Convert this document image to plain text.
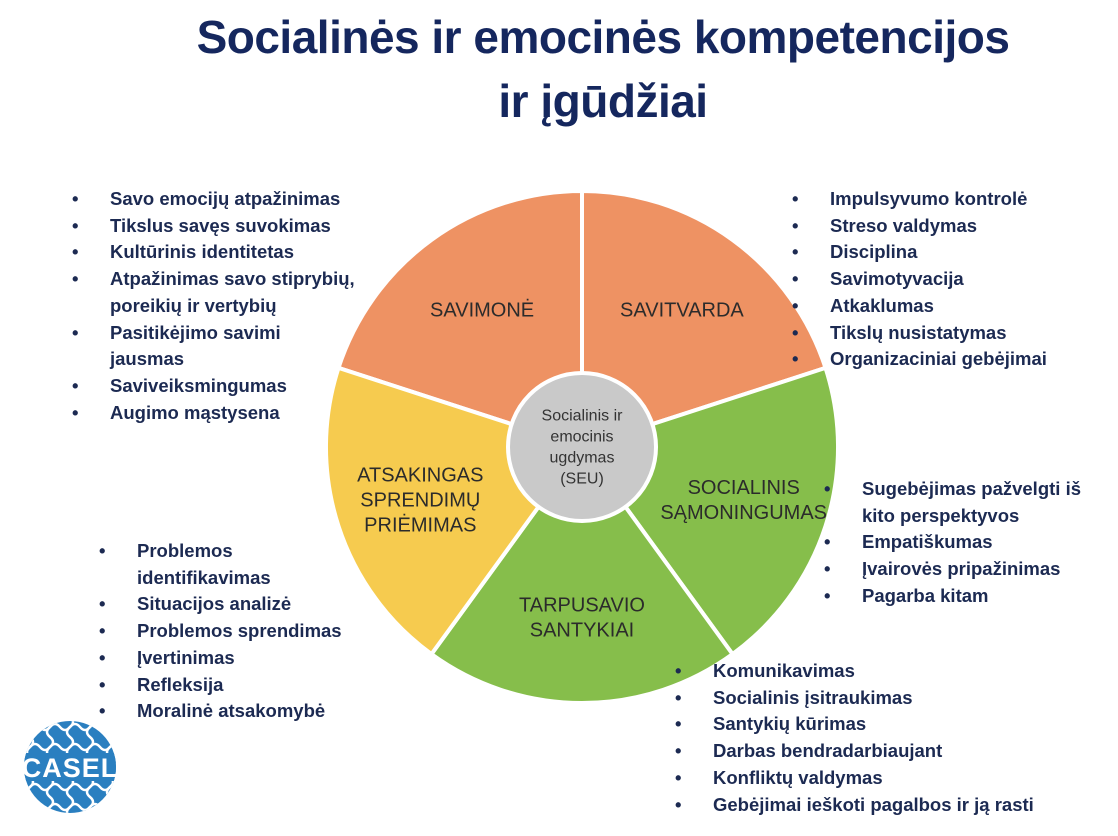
Socialinės ir emocinės kompetencijos
ir įgūdžiai
SAVIMONĖ	SAVITVARDA
SOCIALINIS SĄMONINGUMAS
TARPUSAVIO SANTYKIAI
ATSAKINGAS SPRENDIMŲ PRIĖMIMAS
Socialinis ir emocinis ugdymas (SEU)
CASEL
• Savo emocijų atpažinimas
• Tikslus savęs suvokimas
• Kultūrinis identitetas
• Atpažinimas savo stiprybių, poreikių ir vertybių
• Pasitikėjimo savimi jausmas
• Saviveiksmingumas
• Augimo mąstysena
• Impulsyvumo kontrolė
• Streso valdymas
• Disciplina
• Savimotyvacija
• Atkaklumas
• Tikslų nusistatymas
• Organizaciniai gebėjimai
• Sugebėjimas pažvelgti iš kito perspektyvos
• Empatiškumas
• Įvairovės pripažinimas
• Pagarba kitam
• Problemos identifikavimas
• Situacijos analizė
• Problemos sprendimas
• Įvertinimas
• Refleksija
• Moralinė atsakomybė
• Komunikavimas
• Socialinis įsitraukimas
• Santykių kūrimas
• Darbas bendradarbiaujant
• Konfliktų valdymas
• Gebėjimai ieškoti pagalbos ir ją rasti
